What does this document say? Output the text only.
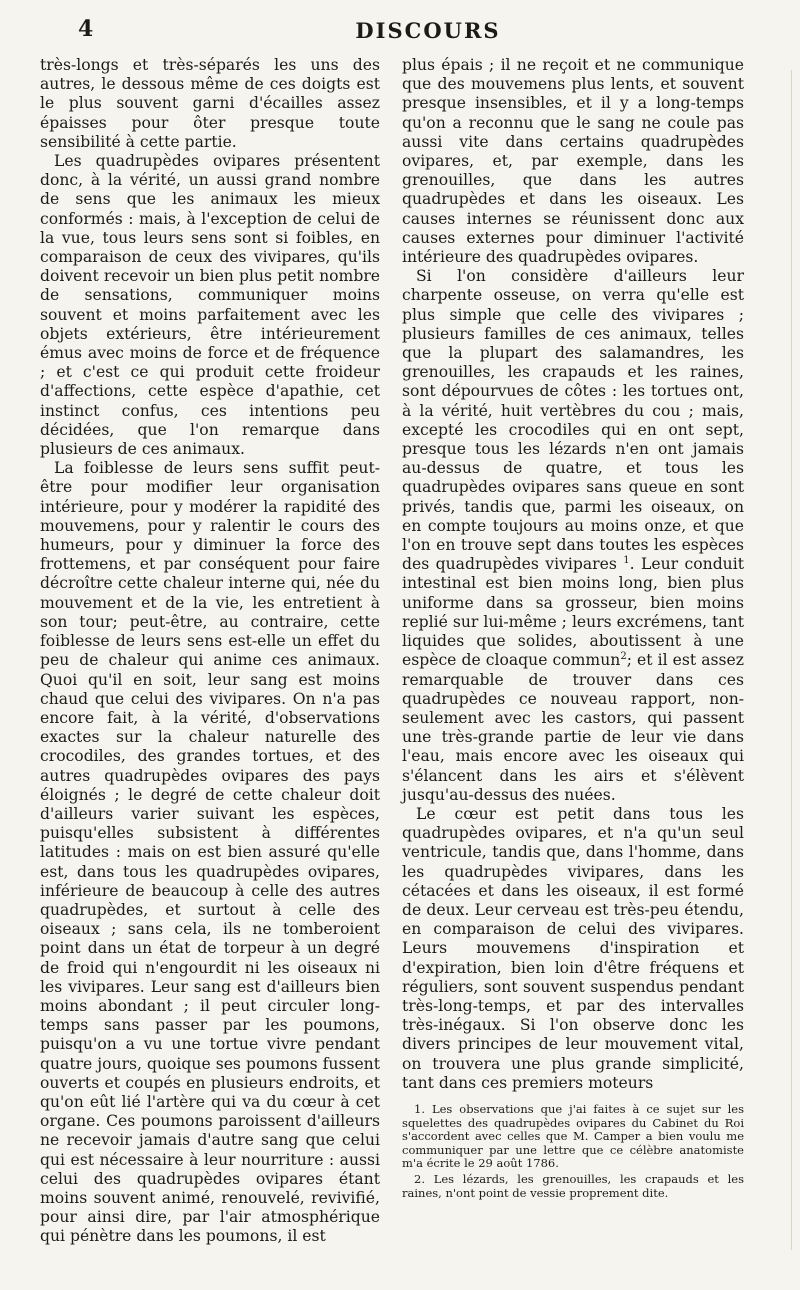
4	DISCOURS

très-longs et très-séparés les uns des autres, le dessous même de ces doigts est le plus souvent garni d'écailles assez épaisses pour ôter presque toute sensibilité à cette partie.

Les quadrupèdes ovipares présentent donc, à la vérité, un aussi grand nombre de sens que les animaux les mieux conformés : mais, à l'exception de celui de la vue, tous leurs sens sont si foibles, en comparaison de ceux des vivipares, qu'ils doivent recevoir un bien plus petit nombre de sensations, communiquer moins souvent et moins parfaitement avec les objets extérieurs, être intérieurement émus avec moins de force et de fréquence ; et c'est ce qui produit cette froideur d'affections, cette espèce d'apathie, cet instinct confus, ces intentions peu décidées, que l'on remarque dans plusieurs de ces animaux.

La foiblesse de leurs sens suffit peut-être pour modifier leur organisation intérieure, pour y modérer la rapidité des mouvemens, pour y ralentir le cours des humeurs, pour y diminuer la force des frottemens, et par conséquent pour faire décroître cette chaleur interne qui, née du mouvement et de la vie, les entretient à son tour; peut-être, au contraire, cette foiblesse de leurs sens est-elle un effet du peu de chaleur qui anime ces animaux. Quoi qu'il en soit, leur sang est moins chaud que celui des vivipares. On n'a pas encore fait, à la vérité, d'observations exactes sur la chaleur naturelle des crocodiles, des grandes tortues, et des autres quadrupèdes ovipares des pays éloignés ; le degré de cette chaleur doit d'ailleurs varier suivant les espèces, puisqu'elles subsistent à différentes latitudes : mais on est bien assuré qu'elle est, dans tous les quadrupèdes ovipares, inférieure de beaucoup à celle des autres quadrupèdes, et surtout à celle des oiseaux ; sans cela, ils ne tomberoient point dans un état de torpeur à un degré de froid qui n'engourdit ni les oiseaux ni les vivipares. Leur sang est d'ailleurs bien moins abondant ; il peut circuler long-temps sans passer par les poumons, puisqu'on a vu une tortue vivre pendant quatre jours, quoique ses poumons fussent ouverts et coupés en plusieurs endroits, et qu'on eût lié l'artère qui va du cœur à cet organe. Ces poumons paroissent d'ailleurs ne recevoir jamais d'autre sang que celui qui est nécessaire à leur nourriture : aussi celui des quadrupèdes ovipares étant moins souvent animé, renouvelé, revivifié, pour ainsi dire, par l'air atmosphérique qui pénètre dans les poumons, il est

plus épais ; il ne reçoit et ne communique que des mouvemens plus lents, et souvent presque insensibles, et il y a long-temps qu'on a reconnu que le sang ne coule pas aussi vite dans certains quadrupèdes ovipares, et, par exemple, dans les grenouilles, que dans les autres quadrupèdes et dans les oiseaux. Les causes internes se réunissent donc aux causes externes pour diminuer l'activité intérieure des quadrupèdes ovipares.

Si l'on considère d'ailleurs leur charpente osseuse, on verra qu'elle est plus simple que celle des vivipares ; plusieurs familles de ces animaux, telles que la plupart des salamandres, les grenouilles, les crapauds et les raines, sont dépourvues de côtes : les tortues ont, à la vérité, huit vertèbres du cou ; mais, excepté les crocodiles qui en ont sept, presque tous les lézards n'en ont jamais au-dessus de quatre, et tous les quadrupèdes ovipares sans queue en sont privés, tandis que, parmi les oiseaux, on en compte toujours au moins onze, et que l'on en trouve sept dans toutes les espèces des quadrupèdes vivipares $^1$. Leur conduit intestinal est bien moins long, bien plus uniforme dans sa grosseur, bien moins replié sur lui-même ; leurs excrémens, tant liquides que solides, aboutissent à une espèce de cloaque commun$^2$; et il est assez remarquable de trouver dans ces quadrupèdes ce nouveau rapport, non-seulement avec les castors, qui passent une très-grande partie de leur vie dans l'eau, mais encore avec les oiseaux qui s'élancent dans les airs et s'élèvent jusqu'au-dessus des nuées.

Le cœur est petit dans tous les quadrupèdes ovipares, et n'a qu'un seul ventricule, tandis que, dans l'homme, dans les quadrupèdes vivipares, dans les cétacées et dans les oiseaux, il est formé de deux. Leur cerveau est très-peu étendu, en comparaison de celui des vivipares. Leurs mouvemens d'inspiration et d'expiration, bien loin d'être fréquens et réguliers, sont souvent suspendus pendant très-long-temps, et par des intervalles très-inégaux. Si l'on observe donc les divers principes de leur mouvement vital, on trouvera une plus grande simplicité, tant dans ces premiers moteurs

1. Les observations que j'ai faites à ce sujet sur les squelettes des quadrupèdes ovipares du Cabinet du Roi s'accordent avec celles que M. Camper a bien voulu me communiquer par une lettre que ce célèbre anatomiste m'a écrite le 29 août 1786.

2. Les lézards, les grenouilles, les crapauds et les raines, n'ont point de vessie proprement dite.
